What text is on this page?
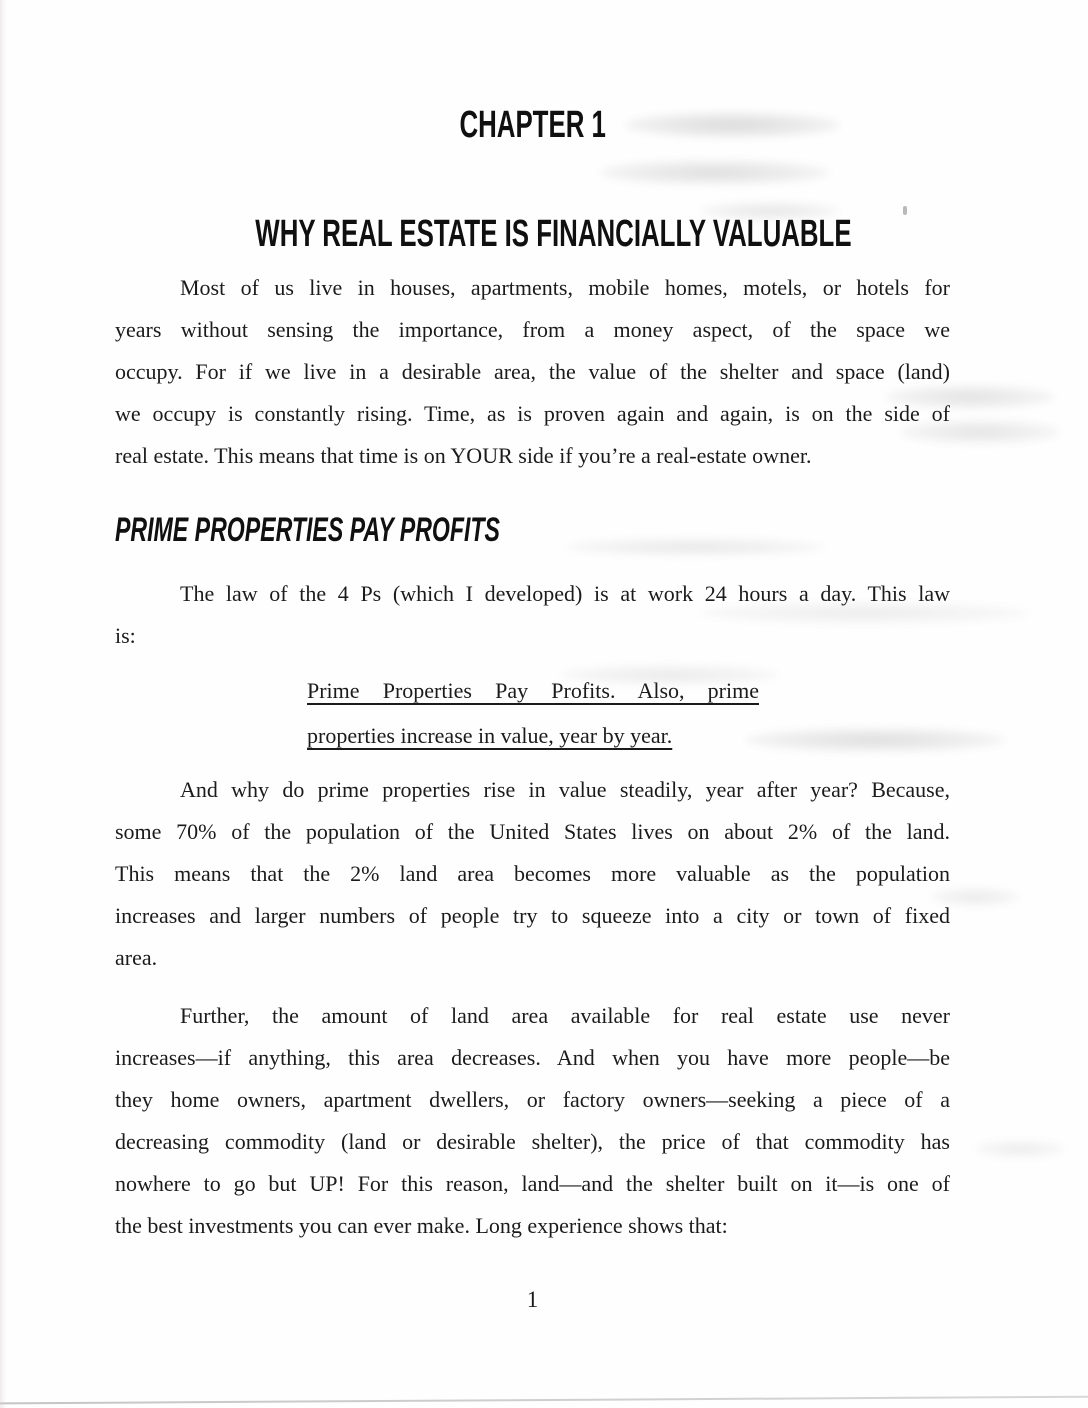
CHAPTER 1
WHY REAL ESTATE IS FINANCIALLY VALUABLE
Most of us live in houses, apartments, mobile homes, motels, or hotels for
years without sensing the importance, from a money aspect, of the space we
occupy. For if we live in a desirable area, the value of the shelter and space (land)
we occupy is constantly rising. Time, as is proven again and again, is on the side of
real estate. This means that time is on YOUR side if you’re a real-estate owner.
PRIME PROPERTIES PAY PROFITS
The law of the 4 Ps (which I developed) is at work 24 hours a day. This law
is:
Prime Properties Pay Profits. Also, prime
properties increase in value, year by year.
And why do prime properties rise in value steadily, year after year? Because,
some 70% of the population of the United States lives on about 2% of the land.
This means that the 2% land area becomes more valuable as the population
increases and larger numbers of people try to squeeze into a city or town of fixed
area.
Further, the amount of land area available for real estate use never
increases—if anything, this area decreases. And when you have more people—be
they home owners, apartment dwellers, or factory owners—seeking a piece of a
decreasing commodity (land or desirable shelter), the price of that commodity has
nowhere to go but UP! For this reason, land—and the shelter built on it—is one of
the best investments you can ever make. Long experience shows that:
1
